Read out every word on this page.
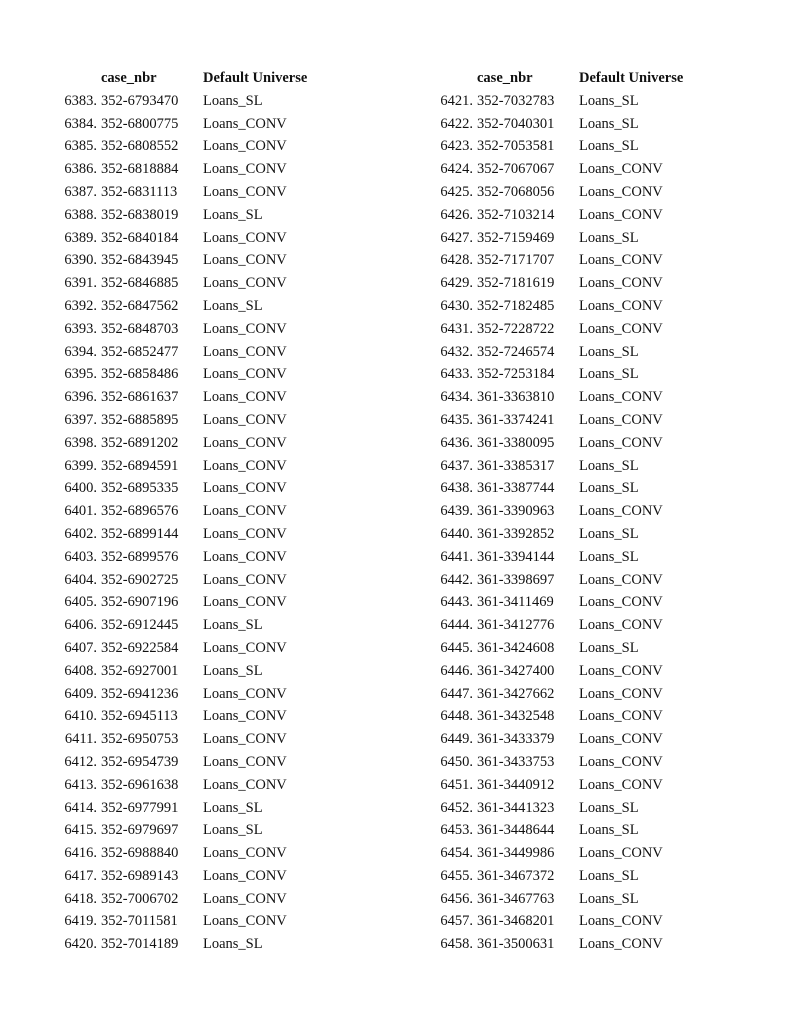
	case_nbr	Default Universe
6383.	352-6793470	Loans_SL
6384.	352-6800775	Loans_CONV
6385.	352-6808552	Loans_CONV
6386.	352-6818884	Loans_CONV
6387.	352-6831113	Loans_CONV
6388.	352-6838019	Loans_SL
6389.	352-6840184	Loans_CONV
6390.	352-6843945	Loans_CONV
6391.	352-6846885	Loans_CONV
6392.	352-6847562	Loans_SL
6393.	352-6848703	Loans_CONV
6394.	352-6852477	Loans_CONV
6395.	352-6858486	Loans_CONV
6396.	352-6861637	Loans_CONV
6397.	352-6885895	Loans_CONV
6398.	352-6891202	Loans_CONV
6399.	352-6894591	Loans_CONV
6400.	352-6895335	Loans_CONV
6401.	352-6896576	Loans_CONV
6402.	352-6899144	Loans_CONV
6403.	352-6899576	Loans_CONV
6404.	352-6902725	Loans_CONV
6405.	352-6907196	Loans_CONV
6406.	352-6912445	Loans_SL
6407.	352-6922584	Loans_CONV
6408.	352-6927001	Loans_SL
6409.	352-6941236	Loans_CONV
6410.	352-6945113	Loans_CONV
6411.	352-6950753	Loans_CONV
6412.	352-6954739	Loans_CONV
6413.	352-6961638	Loans_CONV
6414.	352-6977991	Loans_SL
6415.	352-6979697	Loans_SL
6416.	352-6988840	Loans_CONV
6417.	352-6989143	Loans_CONV
6418.	352-7006702	Loans_CONV
6419.	352-7011581	Loans_CONV
6420.	352-7014189	Loans_SL
	case_nbr	Default Universe
6421.	352-7032783	Loans_SL
6422.	352-7040301	Loans_SL
6423.	352-7053581	Loans_SL
6424.	352-7067067	Loans_CONV
6425.	352-7068056	Loans_CONV
6426.	352-7103214	Loans_CONV
6427.	352-7159469	Loans_SL
6428.	352-7171707	Loans_CONV
6429.	352-7181619	Loans_CONV
6430.	352-7182485	Loans_CONV
6431.	352-7228722	Loans_CONV
6432.	352-7246574	Loans_SL
6433.	352-7253184	Loans_SL
6434.	361-3363810	Loans_CONV
6435.	361-3374241	Loans_CONV
6436.	361-3380095	Loans_CONV
6437.	361-3385317	Loans_SL
6438.	361-3387744	Loans_SL
6439.	361-3390963	Loans_CONV
6440.	361-3392852	Loans_SL
6441.	361-3394144	Loans_SL
6442.	361-3398697	Loans_CONV
6443.	361-3411469	Loans_CONV
6444.	361-3412776	Loans_CONV
6445.	361-3424608	Loans_SL
6446.	361-3427400	Loans_CONV
6447.	361-3427662	Loans_CONV
6448.	361-3432548	Loans_CONV
6449.	361-3433379	Loans_CONV
6450.	361-3433753	Loans_CONV
6451.	361-3440912	Loans_CONV
6452.	361-3441323	Loans_SL
6453.	361-3448644	Loans_SL
6454.	361-3449986	Loans_CONV
6455.	361-3467372	Loans_SL
6456.	361-3467763	Loans_SL
6457.	361-3468201	Loans_CONV
6458.	361-3500631	Loans_CONV
